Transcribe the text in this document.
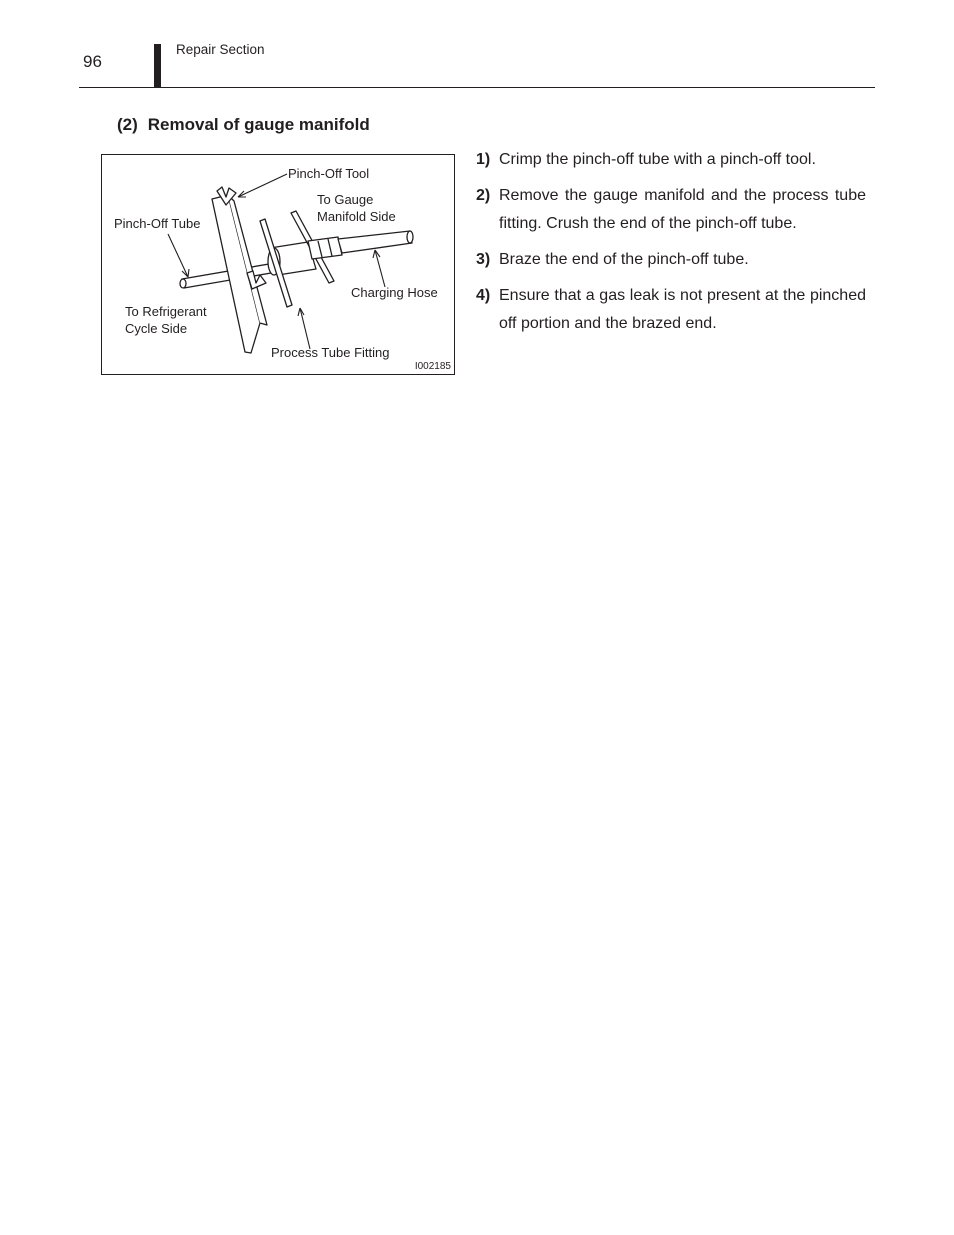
96
Repair Section
(2) Removal of gauge manifold
Pinch-Off Tool
To Gauge
Manifold Side
Pinch-Off Tube
Charging Hose
To Refrigerant
Cycle Side
Process Tube Fitting
I002185
1) Crimp the pinch-off tube with a pinch-off tool.
2) Remove the gauge manifold and the process tube fitting. Crush the end of the pinch-off tube.
3) Braze the end of the pinch-off tube.
4) Ensure that a gas leak is not present at the pinched off portion and the brazed end.
